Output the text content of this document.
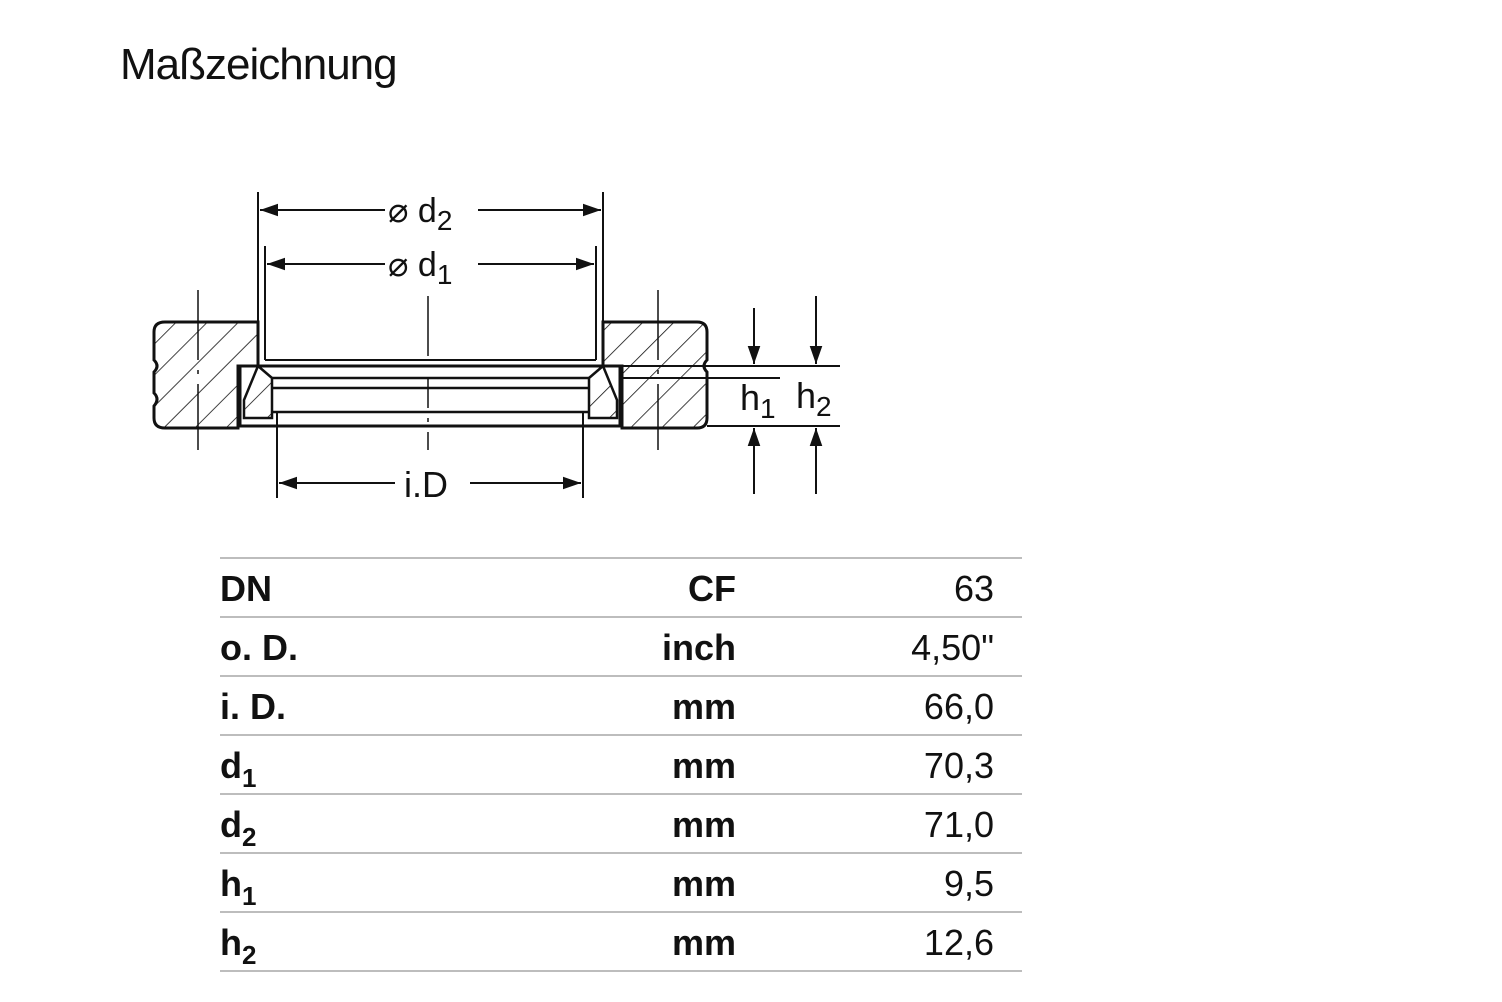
Maßzeichnung
⌀ $d_2$
⌀ $d_1$
i.D
$h_1$ $h_2$
DN	CF	63
o. D.	inch	4,50"
i. D.	mm	66,0
$d_1$	mm	70,3
$d_2$	mm	71,0
$h_1$	mm	9,5
$h_2$	mm	12,6
